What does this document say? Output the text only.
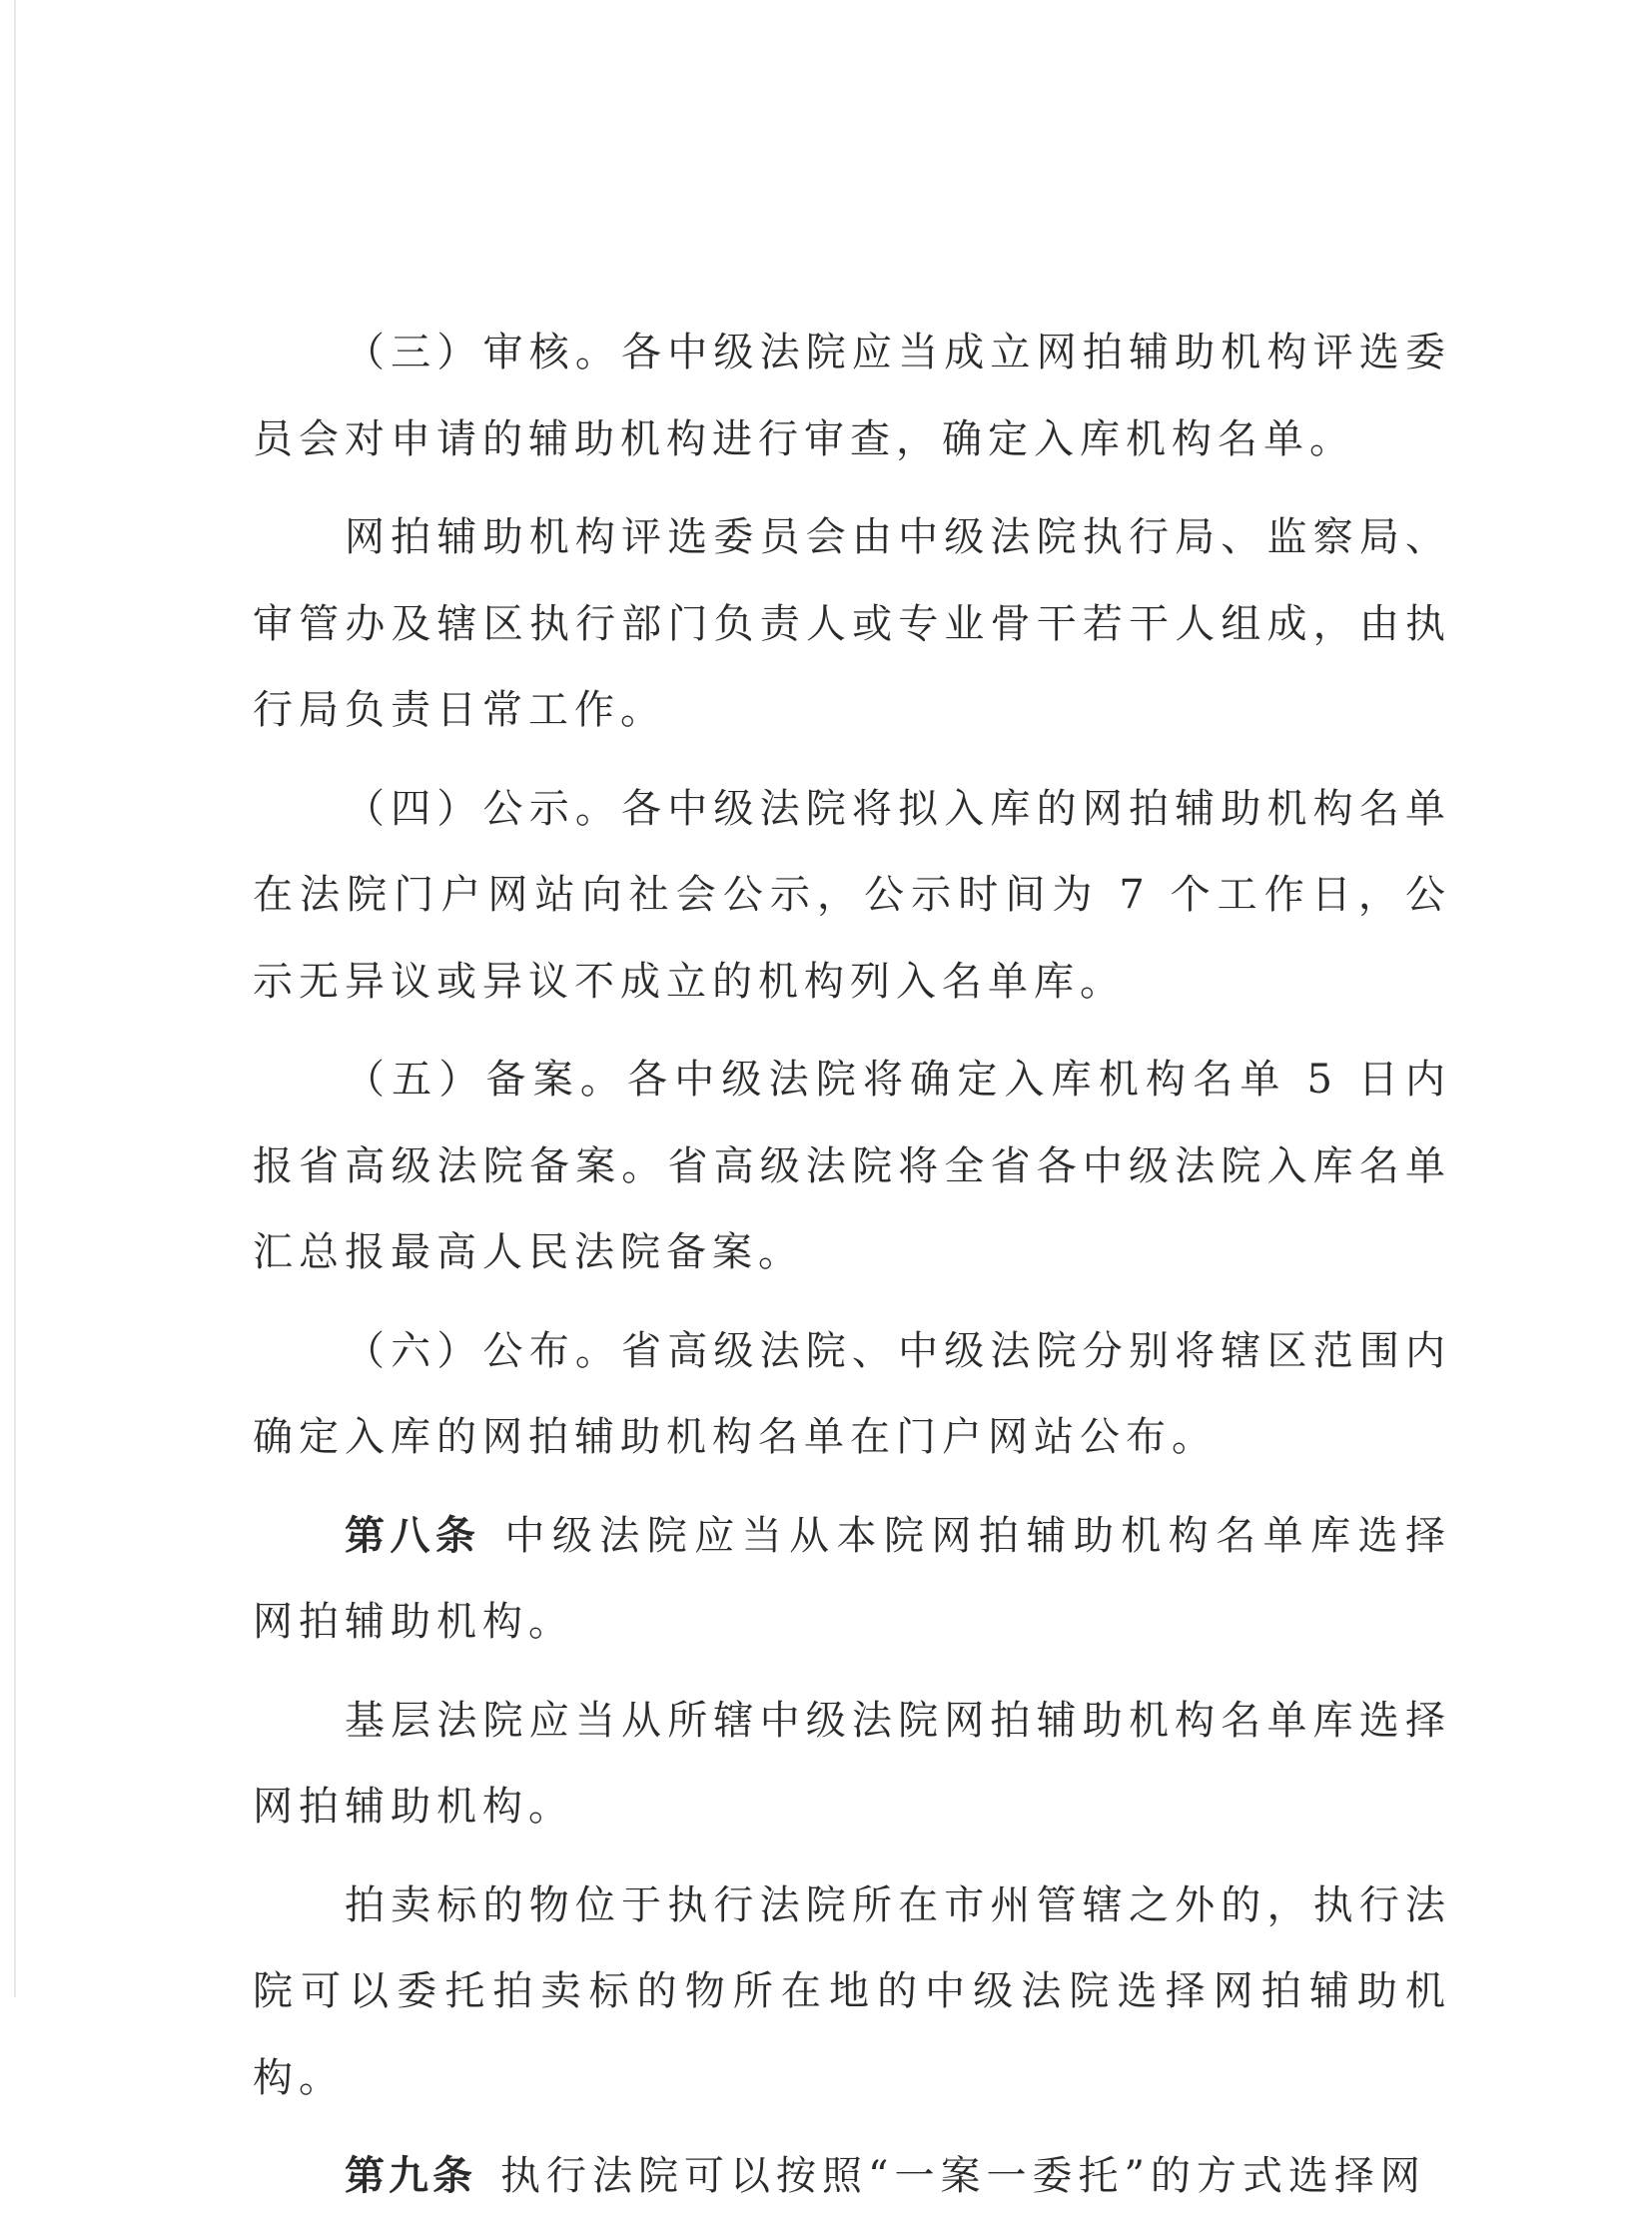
（三）审核。各中级法院应当成立网拍辅助机构评选委员会对申请的辅助机构进行审查，确定入库机构名单。

网拍辅助机构评选委员会由中级法院执行局、监察局、审管办及辖区执行部门负责人或专业骨干若干人组成，由执行局负责日常工作。

（四）公示。各中级法院将拟入库的网拍辅助机构名单在法院门户网站向社会公示，公示时间为 7 个工作日，公示无异议或异议不成立的机构列入名单库。

（五）备案。各中级法院将确定入库机构名单 5 日内报省高级法院备案。省高级法院将全省各中级法院入库名单汇总报最高人民法院备案。

（六）公布。省高级法院、中级法院分别将辖区范围内确定入库的网拍辅助机构名单在门户网站公布。

第八条 中级法院应当从本院网拍辅助机构名单库选择网拍辅助机构。

基层法院应当从所辖中级法院网拍辅助机构名单库选择网拍辅助机构。

拍卖标的物位于执行法院所在市州管辖之外的，执行法院可以委托拍卖标的物所在地的中级法院选择网拍辅助机构。

第九条 执行法院可以按照“一案一委托”的方式选择网
